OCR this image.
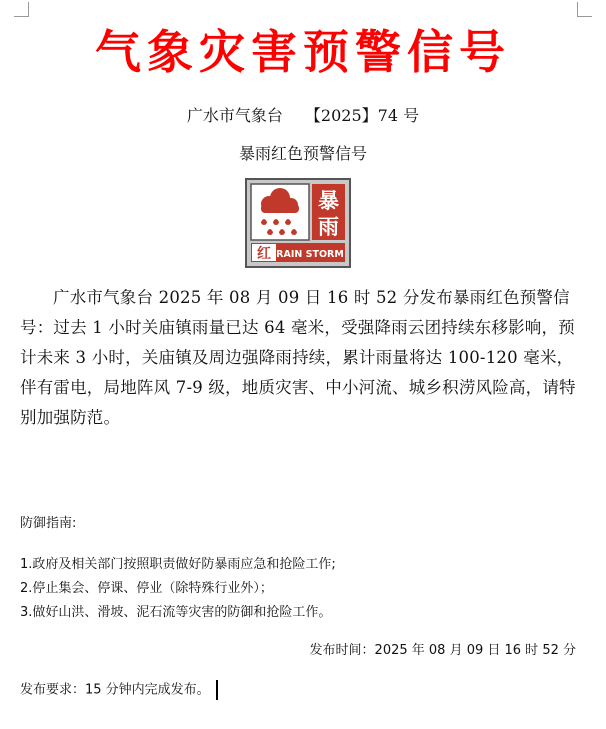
气象灾害预警信号
广水市气象台 【2025】74 号
暴雨红色预警信号
暴
雨
红 RAIN STORM
广水市气象台 2025 年 08 月 09 日 16 时 52 分发布暴雨红色预警信号：过去 1 小时关庙镇雨量已达 64 毫米，受强降雨云团持续东移影响，预计未来 3 小时，关庙镇及周边强降雨持续，累计雨量将达 100-120 毫米，伴有雷电，局地阵风 7-9 级，地质灾害、中小河流、城乡积涝风险高，请特别加强防范。
防御指南:
1.政府及相关部门按照职责做好防暴雨应急和抢险工作;
2.停止集会、停课、停业（除特殊行业外）；
3.做好山洪、滑坡、泥石流等灾害的防御和抢险工作。
发布时间：2025 年 08 月 09 日 16 时 52 分
发布要求：15 分钟内完成发布。
